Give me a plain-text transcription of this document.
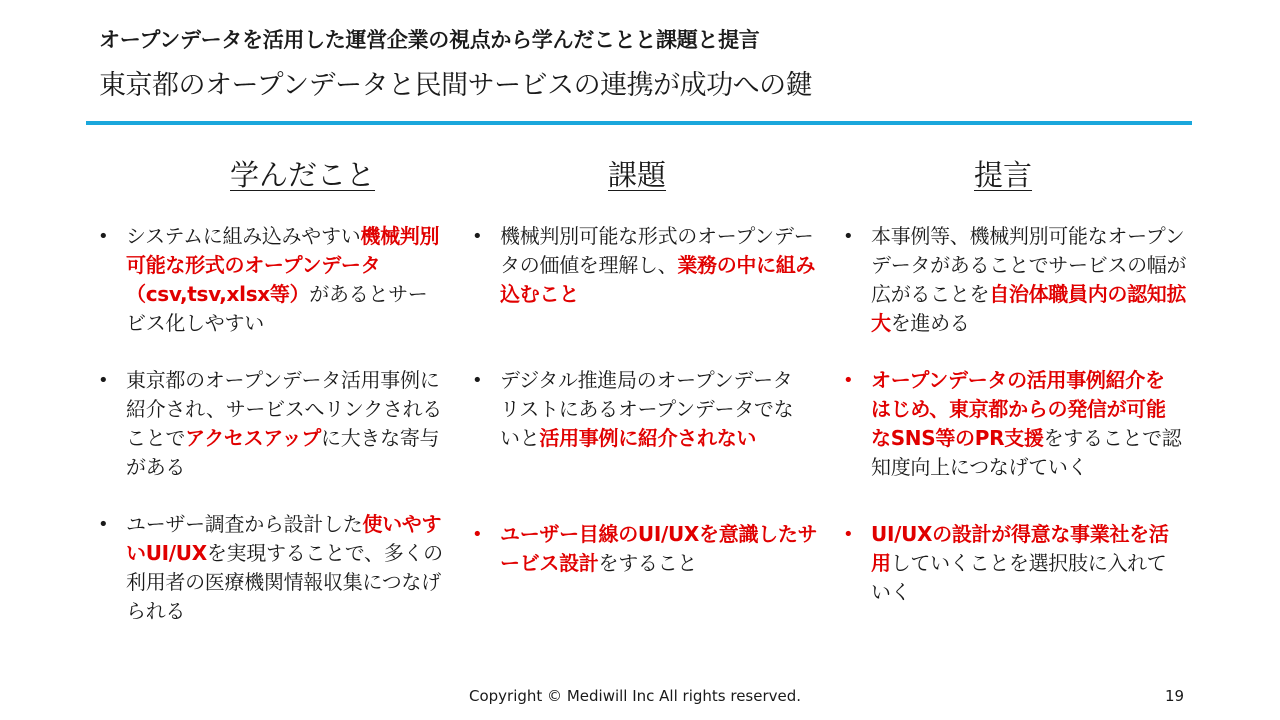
オープンデータを活用した運営企業の視点から学んだことと課題と提言
東京都のオープンデータと民間サービスの連携が成功への鍵
学んだこと	課題	提言
• システムに組み込みやすい機械判別可能な形式のオープンデータ（csv,tsv,xlsx等）があるとサービス化しやすい
• 東京都のオープンデータ活用事例に紹介され、サービスへリンクされることでアクセスアップに大きな寄与がある
• ユーザー調査から設計した使いやすいUI/UXを実現することで、多くの利用者の医療機関情報収集につなげられる
• 機械判別可能な形式のオープンデータの価値を理解し、業務の中に組み込むこと
• デジタル推進局のオープンデータリストにあるオープンデータでないと活用事例に紹介されない
• ユーザー目線のUI/UXを意識したサービス設計をすること
• 本事例等、機械判別可能なオープンデータがあることでサービスの幅が広がることを自治体職員内の認知拡大を進める
• オープンデータの活用事例紹介をはじめ、東京都からの発信が可能なSNS等のPR支援をすることで認知度向上につなげていく
• UI/UXの設計が得意な事業社を活用していくことを選択肢に入れていく
Copyright © Mediwill Inc All rights reserved.	19
